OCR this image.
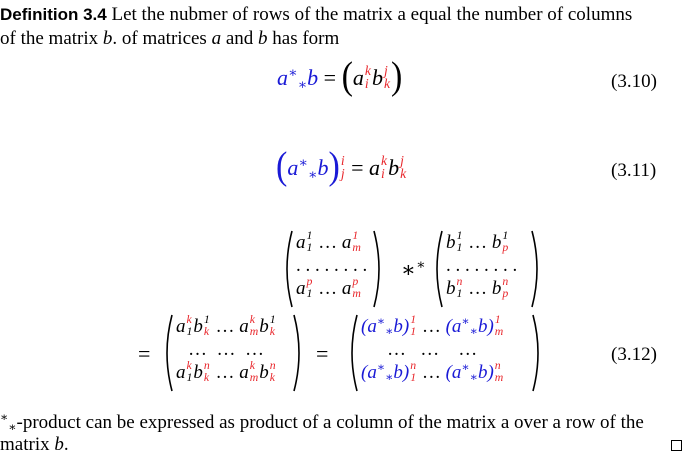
Definition 3.4 Let the nubmer of rows of the matrix a equal the number of columns
of the matrix b. of matrices a and b has form
$a^∗_∗b = (a$ k
i b j
k )	(3.10)
$(a^∗_∗b)$ i
j = a k
i b j
k	(3.11)
a 1
1 … a 1
m
. . . . . . . .
a p
1 … a p
m
∗∗
b 1
1 … b 1
p
. . . . . . . .
b n
1 … b n
p
=
a k
1 b 1
k … a k
m b 1
k
… … …
a k
1 b n
k … a k
m b n
k
=
$(a^∗_∗b)$ 1
1 … $(a^∗_∗b)$ 1
m
… … …
$(a^∗_∗b)$ n
1 … $(a^∗_∗b)$ n
m
(3.12)
∗$_∗$-product can be expressed as product of a column of the matrix a over a row of the
matrix b.
